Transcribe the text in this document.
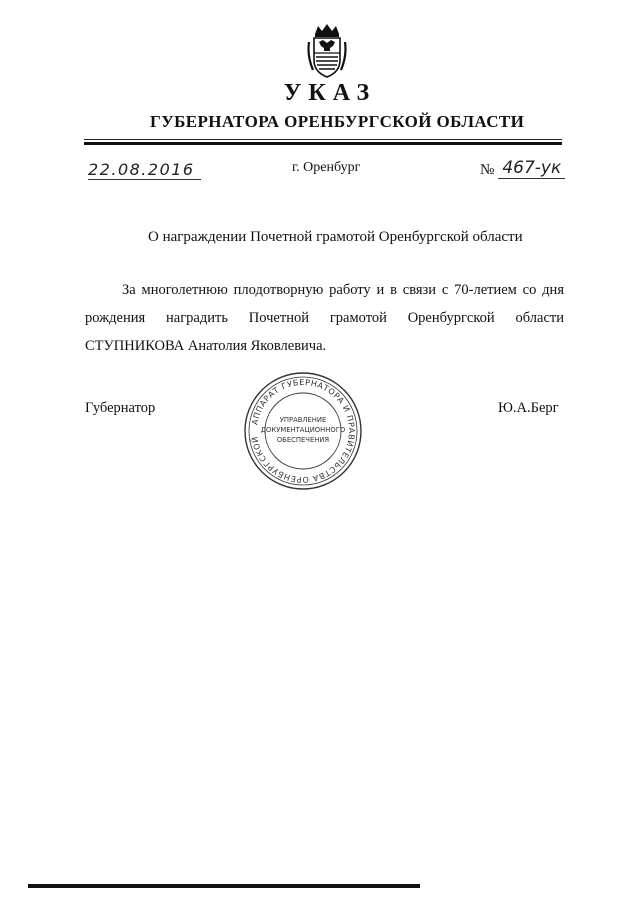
УКАЗ
ГУБЕРНАТОРА ОРЕНБУРГСКОЙ ОБЛАСТИ
22.08.2016	г. Оренбург	№ 467-ук
О награждении Почетной грамотой Оренбургской области
За многолетнюю плодотворную работу и в связи с 70-летием со дня рождения наградить Почетной грамотой Оренбургской области СТУПНИКОВА Анатолия Яковлевича.
Губернатор	Ю.А.Берг
АППАРАТ ГУБЕРНАТОРА И ПРАВИТЕЛЬСТВА ОРЕНБУРГСКОЙ
УПРАВЛЕНИЕ
ДОКУМЕНТАЦИОННОГО
ОБЕСПЕЧЕНИЯ
